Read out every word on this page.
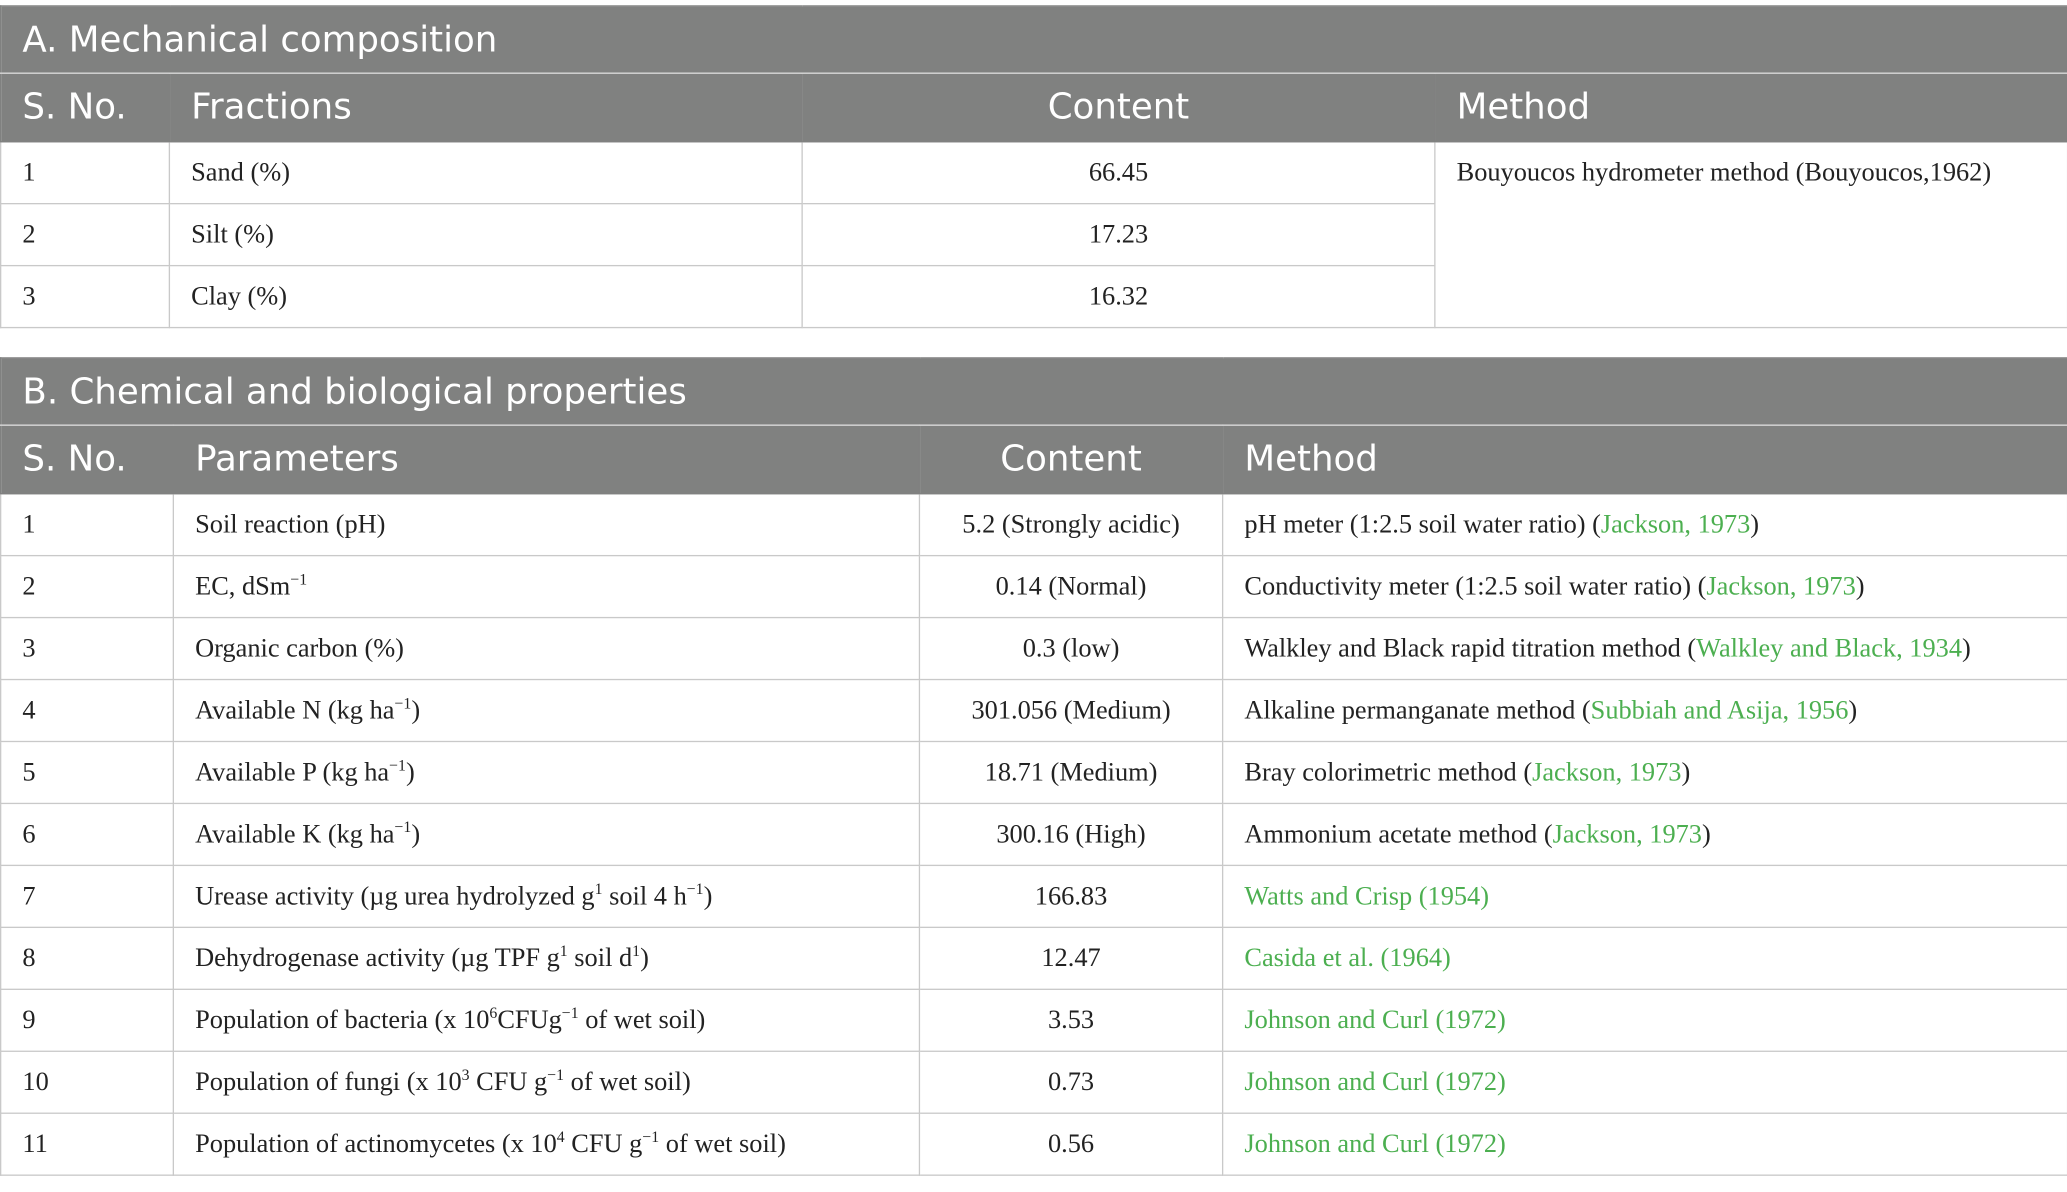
A. Mechanical composition			
S. No.	Fractions	Content	Method
1	Sand (%)	66.45	Bouyoucos hydrometer method (Bouyoucos,1962)
2	Silt (%)	17.23	
3	Clay (%)	16.32	
B. Chemical and biological properties			
S. No.	Parameters	Content	Method
1	Soil reaction (pH)	5.2 (Strongly acidic)	pH meter (1:2.5 soil water ratio) (Jackson, 1973)
2	EC, dSm$^{-1}$	0.14 (Normal)	Conductivity meter (1:2.5 soil water ratio) (Jackson, 1973)
3	Organic carbon (%)	0.3 (low)	Walkley and Black rapid titration method (Walkley and Black, 1934)
4	Available N (kg $ha^{-1}$)	301.056 (Medium)	Alkaline permanganate method (Subbiah and Asija, 1956)
5	Available P (kg $ha^{-1}$)	18.71 (Medium)	Bray colorimetric method (Jackson, 1973)
6	Available K (kg $ha^{-1}$)	300.16 (High)	Ammonium acetate method (Jackson, 1973)
7	Urease activity (µg urea hydrolyzed $g^1$ soil 4 $h^{-1}$)	166.83	Watts and Crisp (1954)
8	Dehydrogenase activity (µg TPF $g^1$ soil $d^1$)	12.47	Casida et al. (1964)
9	Population of bacteria (x $10^6CFUg^{-1}$ of wet soil)	3.53	Johnson and Curl (1972)
10	Population of fungi (x $10^3$ CFU $g^{-1}$ of wet soil)	0.73	Johnson and Curl (1972)
11	Population of actinomycetes (x $10^4$ CFU $g^{-1}$ of wet soil)	0.56	Johnson and Curl (1972)
